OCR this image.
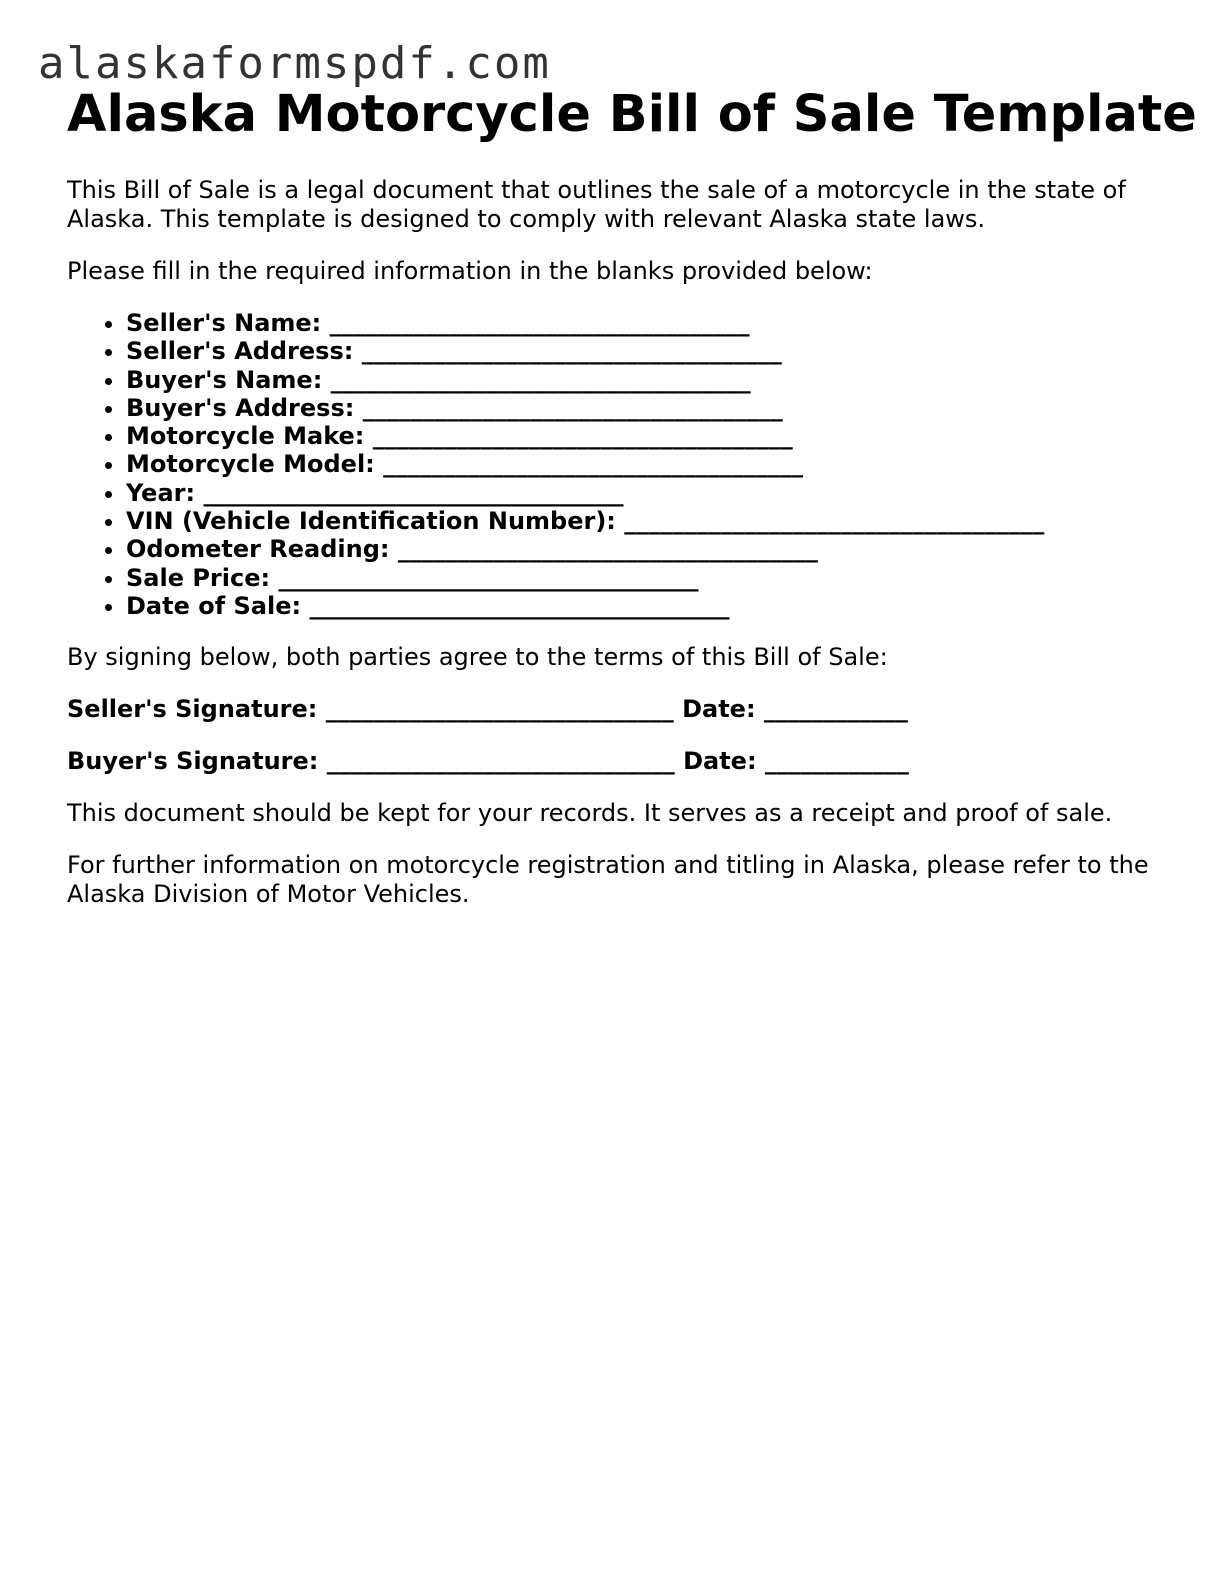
alaskaformspdf.com
Alaska Motorcycle Bill of Sale Template

This Bill of Sale is a legal document that outlines the sale of a motorcycle in the state of Alaska. This template is designed to comply with relevant Alaska state laws.

Please fill in the required information in the blanks provided below:

• Seller's Name: ___________________________________
• Seller's Address: ___________________________________
• Buyer's Name: ___________________________________
• Buyer's Address: ___________________________________
• Motorcycle Make: ___________________________________
• Motorcycle Model: ___________________________________
• Year: ___________________________________
• VIN (Vehicle Identification Number): ___________________________________
• Odometer Reading: ___________________________________
• Sale Price: ___________________________________
• Date of Sale: ___________________________________

By signing below, both parties agree to the terms of this Bill of Sale:

Seller's Signature: _____________________________ Date: ____________
Buyer's Signature: _____________________________ Date: ____________

This document should be kept for your records. It serves as a receipt and proof of sale.

For further information on motorcycle registration and titling in Alaska, please refer to the Alaska Division of Motor Vehicles.
